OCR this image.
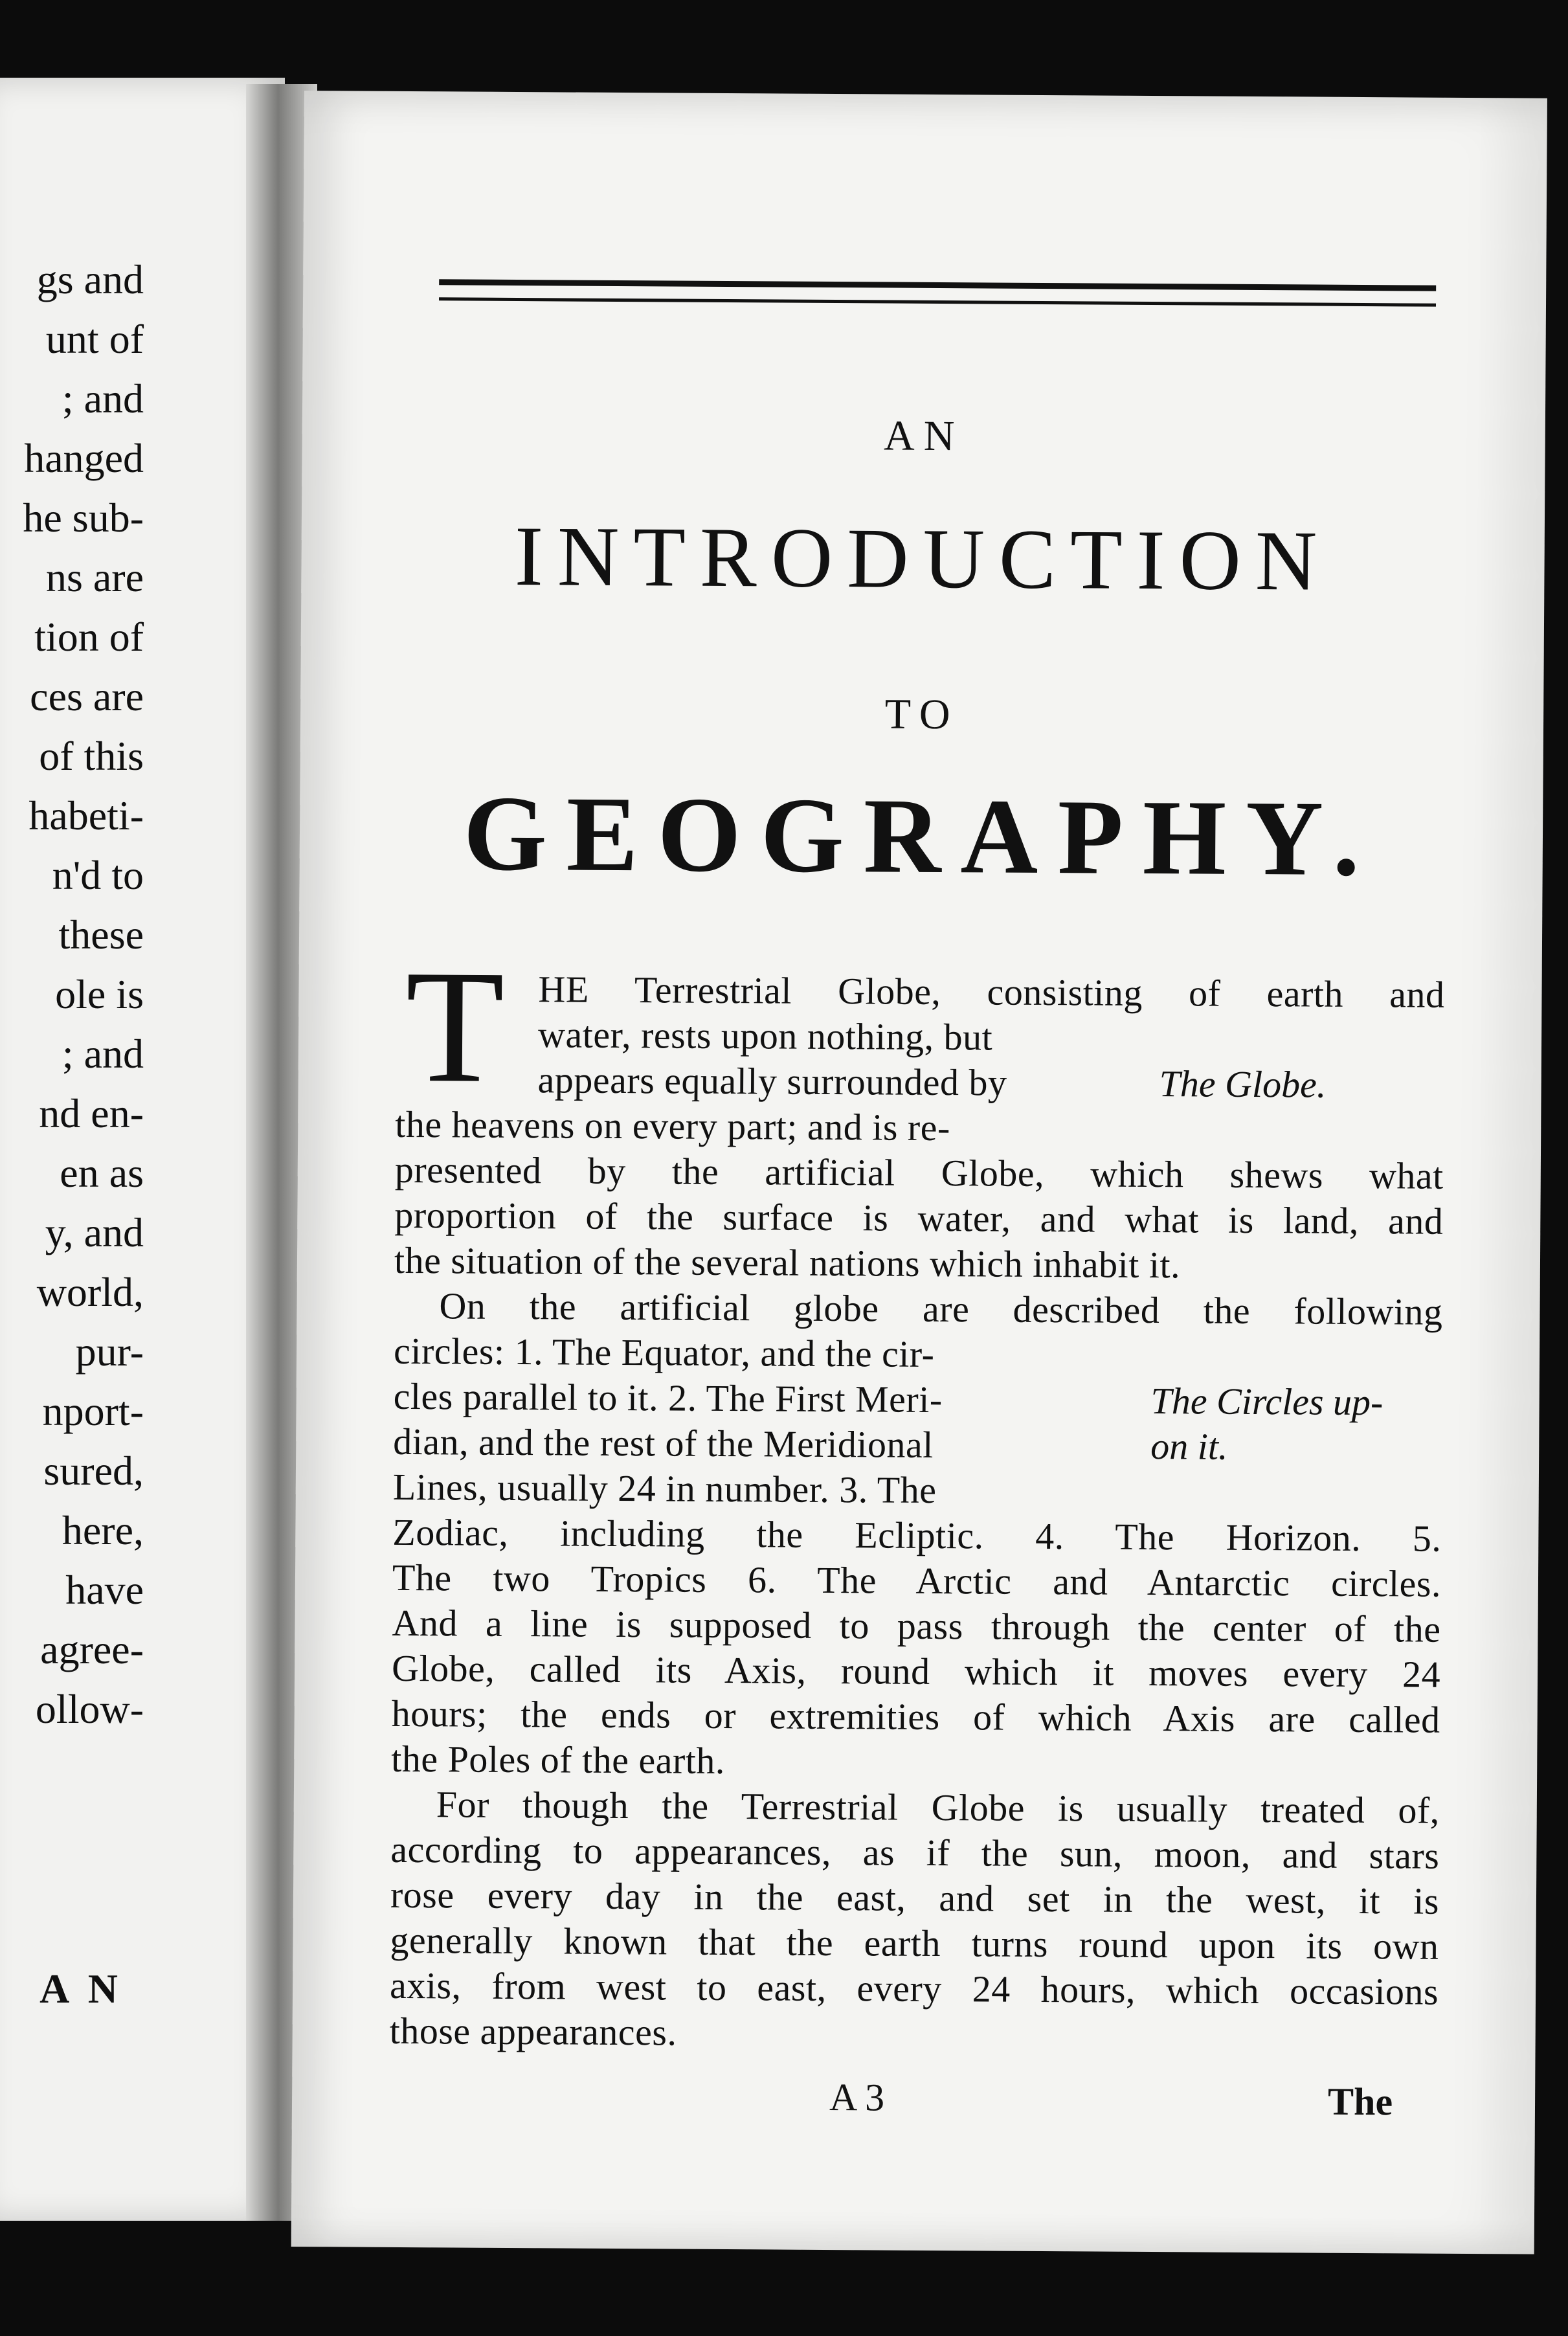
gs and
unt of
; and
hanged
he sub-
ns are
tion of
ces are
of this
habeti-
n'd to
these
ole is
; and
nd en-
en as
y, and
world,
pur-
nport-
sured,
here,
have
agree-
ollow-
A N
AN
INTRODUCTION
TO
GEOGRAPHY.
T HE Terrestrial Globe, consisting of earth and
water, rests upon nothing, but
appears equally surrounded by	The Globe.
the heavens on every part; and is re-
presented by the artificial Globe, which shews what
proportion of the surface is water, and what is land, and
the situation of the several nations which inhabit it.
On the artificial globe are described the following
circles: 1. The Equator, and the cir-
cles parallel to it. 2. The First Meri-	The Circles up-
dian, and the rest of the Meridional	on it.
Lines, usually 24 in number. 3. The
Zodiac, including the Ecliptic. 4. The Horizon. 5.
The two Tropics 6. The Arctic and Antarctic circles.
And a line is supposed to pass through the center of the
Globe, called its Axis, round which it moves every 24
hours; the ends or extremities of which Axis are called
the Poles of the earth.
For though the Terrestrial Globe is usually treated of,
according to appearances, as if the sun, moon, and stars
rose every day in the east, and set in the west, it is
generally known that the earth turns round upon its own
axis, from west to east, every 24 hours, which occasions
those appearances.
A 3	The
